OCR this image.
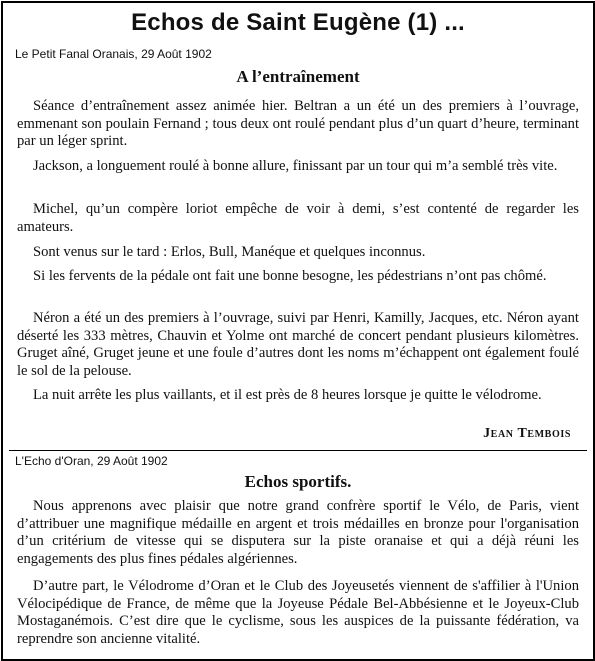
Echos de Saint Eugène (1) ...
Le Petit Fanal Oranais, 29 Août 1902
A l’entraînement
Séance d’entraînement assez animée hier. Beltran a un été un des premiers à l’ouvrage, emmenant son poulain Fernand ; tous deux ont roulé pendant plus d’un quart d’heure, terminant par un léger sprint.
Jackson, a longuement roulé à bonne allure, finissant par un tour qui m’a semblé très vite.
Michel, qu’un compère loriot empêche de voir à demi, s’est contenté de regarder les amateurs.
Sont venus sur le tard : Erlos, Bull, Manéque et quelques inconnus.
Si les fervents de la pédale ont fait une bonne besogne, les pédestrians n’ont pas chômé.
Néron a été un des premiers à l’ouvrage, suivi par Henri, Kamilly, Jacques, etc. Néron ayant déserté les 333 mètres, Chauvin et Yolme ont marché de concert pendant plusieurs kilomètres. Gruget aîné, Gruget jeune et une foule d’autres dont les noms m’échappent ont également foulé le sol de la pelouse.
La nuit arrête les plus vaillants, et il est près de 8 heures lorsque je quitte le vélodrome.
Jean Tembois
L'Echo d'Oran, 29 Août 1902
Echos sportifs.
Nous apprenons avec plaisir que notre grand confrère sportif le Vélo, de Paris, vient d’attribuer une magnifique médaille en argent et trois médailles en bronze pour l'organisation d’un critérium de vitesse qui se disputera sur la piste oranaise et qui a déjà réuni les engagements des plus fines pédales algériennes.
D’autre part, le Vélodrome d’Oran et le Club des Joyeusetés viennent de s'affilier à l'Union Vélocipédique de France, de même que la Joyeuse Pédale Bel-Abbésienne et le Joyeux-Club Mostaganémois. C’est dire que le cyclisme, sous les auspices de la puissante fédération, va reprendre son ancienne vitalité.
